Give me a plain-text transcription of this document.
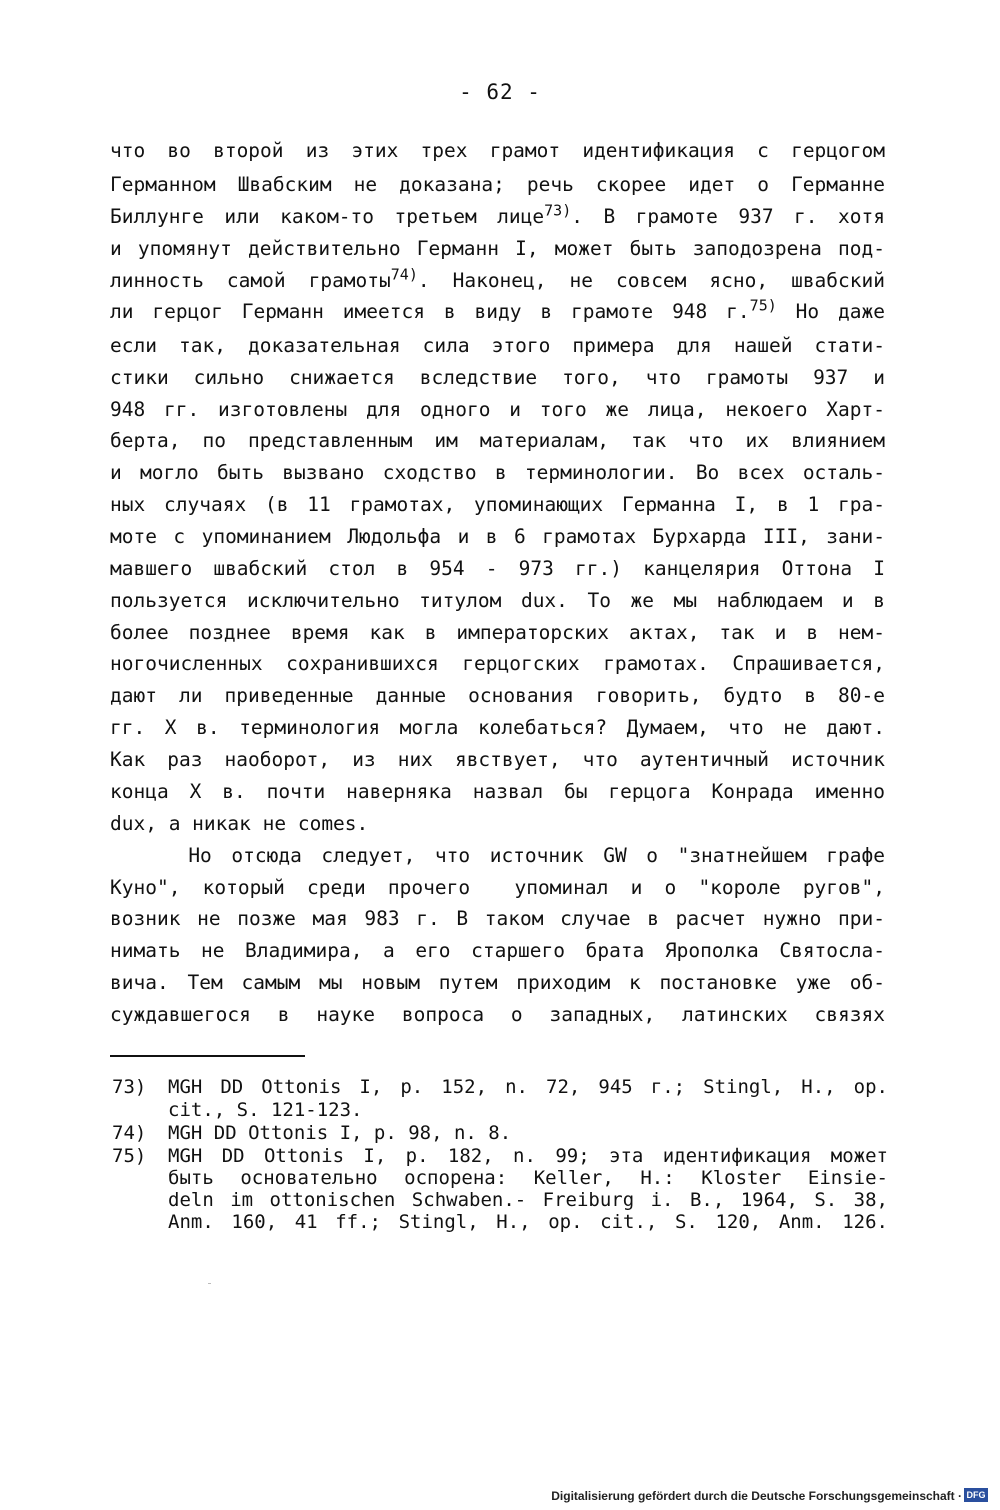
- 62 -
что во второй из этих трех грамот идентификация с герцогом
Германном Швабским не доказана; речь скорее идет о Германне
Биллунге или каком-то третьем лице$^{73)}$. В грамоте 937 г. хотя
и упомянут действительно Германн I, может быть заподозрена под-
линность самой грамоты$^{74)}$. Наконец, не совсем ясно, швабский
ли герцог Германн имеется в виду в грамоте 948 г.$^{75)}$ Но даже
если так, доказательная сила этого примера для нашей стати-
стики сильно снижается вследствие того, что грамоты 937 и
948 гг. изготовлены для одного и того же лица, некоего Харт-
берта, по представленным им материалам, так что их влиянием
и могло быть вызвано сходство в терминологии. Во всех осталь-
ных случаях (в 11 грамотах, упоминающих Германна I, в 1 гра-
моте с упоминанием Людольфа и в 6 грамотах Бурхарда III, зани-
мавшего швабский стол в 954 - 973 гг.) канцелярия Оттона I
пользуется исключительно титулом dux. То же мы наблюдаем и в
более позднее время как в императорских актах, так и в нем-
ногочисленных сохранившихся герцогских грамотах. Спрашивается,
дают ли приведенные данные основания говорить, будто в 80-е
гг. Х в. терминология могла колебаться? Думаем, что не дают.
Как раз наоборот, из них явствует, что аутентичный источник
конца Х в. почти наверняка назвал бы герцога Конрада именно
dux, а никак не comes.
Но отсюда следует, что источник GW о "знатнейшем графе
Куно", который среди прочего  упоминал и о "короле ругов",
возник не позже мая 983 г. В таком случае в расчет нужно при-
нимать не Владимира, а его старшего брата Ярополка Святосла-
вича. Тем самым мы новым путем приходим к постановке уже об-
суждавшегося в науке вопроса о западных, латинских связях
73) MGH DD Ottonis I, p. 152, n. 72, 945 г.; Stingl, H., op.
cit., S. 121-123.
74) MGH DD Ottonis I, p. 98, n. 8.
75) MGH DD Ottonis I, p. 182, n. 99; эта идентификация может
быть основательно оспорена: Keller, H.: Kloster Einsie-
deln im ottonischen Schwaben.- Freiburg i. B., 1964, S. 38,
Anm. 160, 41 ff.; Stingl, H., op. cit., S. 120, Anm. 126.
Digitalisierung gefördert durch die Deutsche Forschungsgemeinschaft · DFG
